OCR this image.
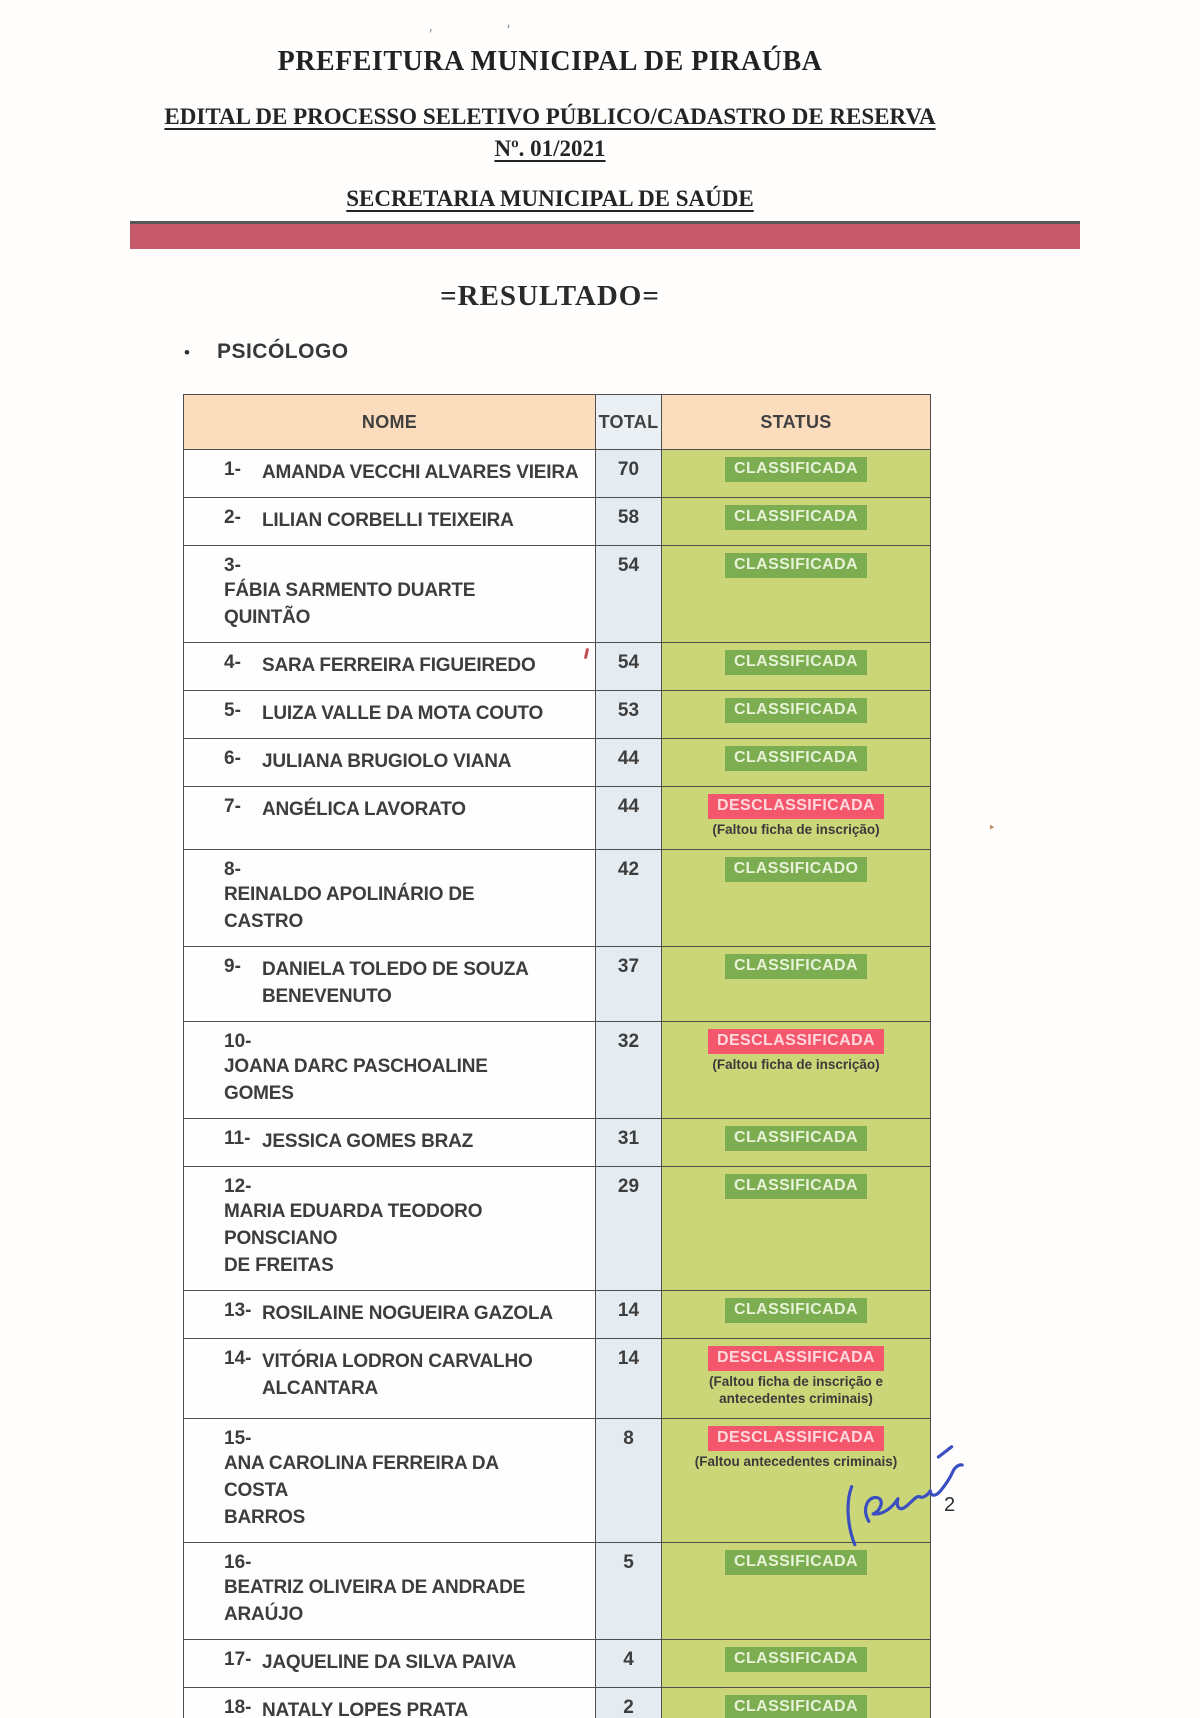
PREFEITURA MUNICIPAL DE PIRAÚBA
EDITAL DE PROCESSO SELETIVO PÚBLICO/CADASTRO DE RESERVA
Nº. 01/2021
SECRETARIA MUNICIPAL DE SAÚDE
=RESULTADO=
• PSICÓLOGO
NOME	TOTAL	STATUS
1- AMANDA VECCHI ALVARES VIEIRA	70	CLASSIFICADA
2- LILIAN CORBELLI TEIXEIRA	58	CLASSIFICADA
3-FÁBIA SARMENTO DUARTE QUINTÃO	54	CLASSIFICADA
4- SARA FERREIRA FIGUEIREDO	54	CLASSIFICADA
5- LUIZA VALLE DA MOTA COUTO	53	CLASSIFICADA
6- JULIANA BRUGIOLO VIANA	44	CLASSIFICADA
7- ANGÉLICA LAVORATO	44	DESCLASSIFICADA
(Faltou ficha de inscrição)

8-REINALDO APOLINÁRIO DE CASTRO	42	CLASSIFICADO
9- DANIELA TOLEDO DE SOUZA
BENEVENUTO	37	CLASSIFICADA
10-JOANA DARC PASCHOALINE GOMES	32	DESCLASSIFICADA
(Faltou ficha de inscrição)

11- JESSICA GOMES BRAZ	31	CLASSIFICADA
12-MARIA EDUARDA TEODORO PONSCIANO
DE FREITAS	29	CLASSIFICADA
13- ROSILAINE NOGUEIRA GAZOLA	14	CLASSIFICADA
14- VITÓRIA LODRON CARVALHO
ALCANTARA	14	DESCLASSIFICADA
(Faltou ficha de inscrição e antecedentes criminais)

15-ANA CAROLINA FERREIRA DA COSTA
BARROS	8	DESCLASSIFICADA
(Faltou antecedentes criminais)

16-BEATRIZ OLIVEIRA DE ANDRADE ARAÚJO	5	CLASSIFICADA
17- JAQUELINE DA SILVA PAIVA	4	CLASSIFICADA
18- NATALY LOPES PRATA	2	CLASSIFICADA
2
,	'
‣
